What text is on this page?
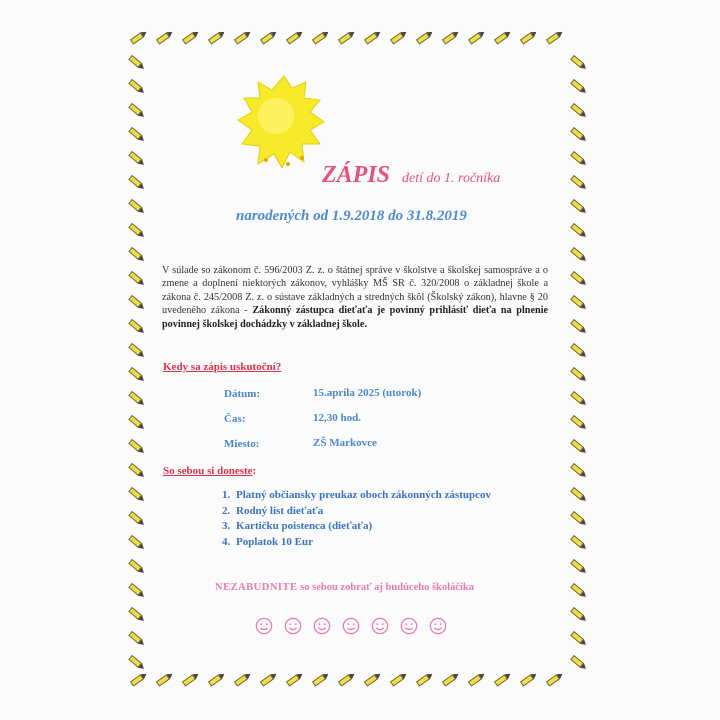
ZÁPIS detí do 1. ročníka
narodených od 1.9.2018 do 31.8.2019
V súlade so zákonom č. 596/2003 Z. z. o štátnej správe v školstve a školskej samospráve a o zmene a doplnení niektorých zákonov, vyhlášky MŠ SR č. 320/2008 o základnej škole a zákona č. 245/2008 Z. z. o sústave základných a stredných škôl (Školský zákon), hlavne § 20 uvedeného zákona - Zákonný zástupca dieťaťa je povinný prihlásiť dieťa na plnenie povinnej školskej dochádzky v základnej škole.
Kedy sa zápis uskutoční?
Dátum:	15.apríla 2025 (utorok)
Čas:	12,30 hod.
Miesto:	ZŠ Markovce
So sebou si doneste:
1. Platný občiansky preukaz oboch zákonných zástupcov
2. Rodný list dieťaťa
3. Kartičku poistenca (dieťaťa)
4. Poplatok 10 Eur
NEZABUDNITE so sebou zobrať aj budúceho školáčika
